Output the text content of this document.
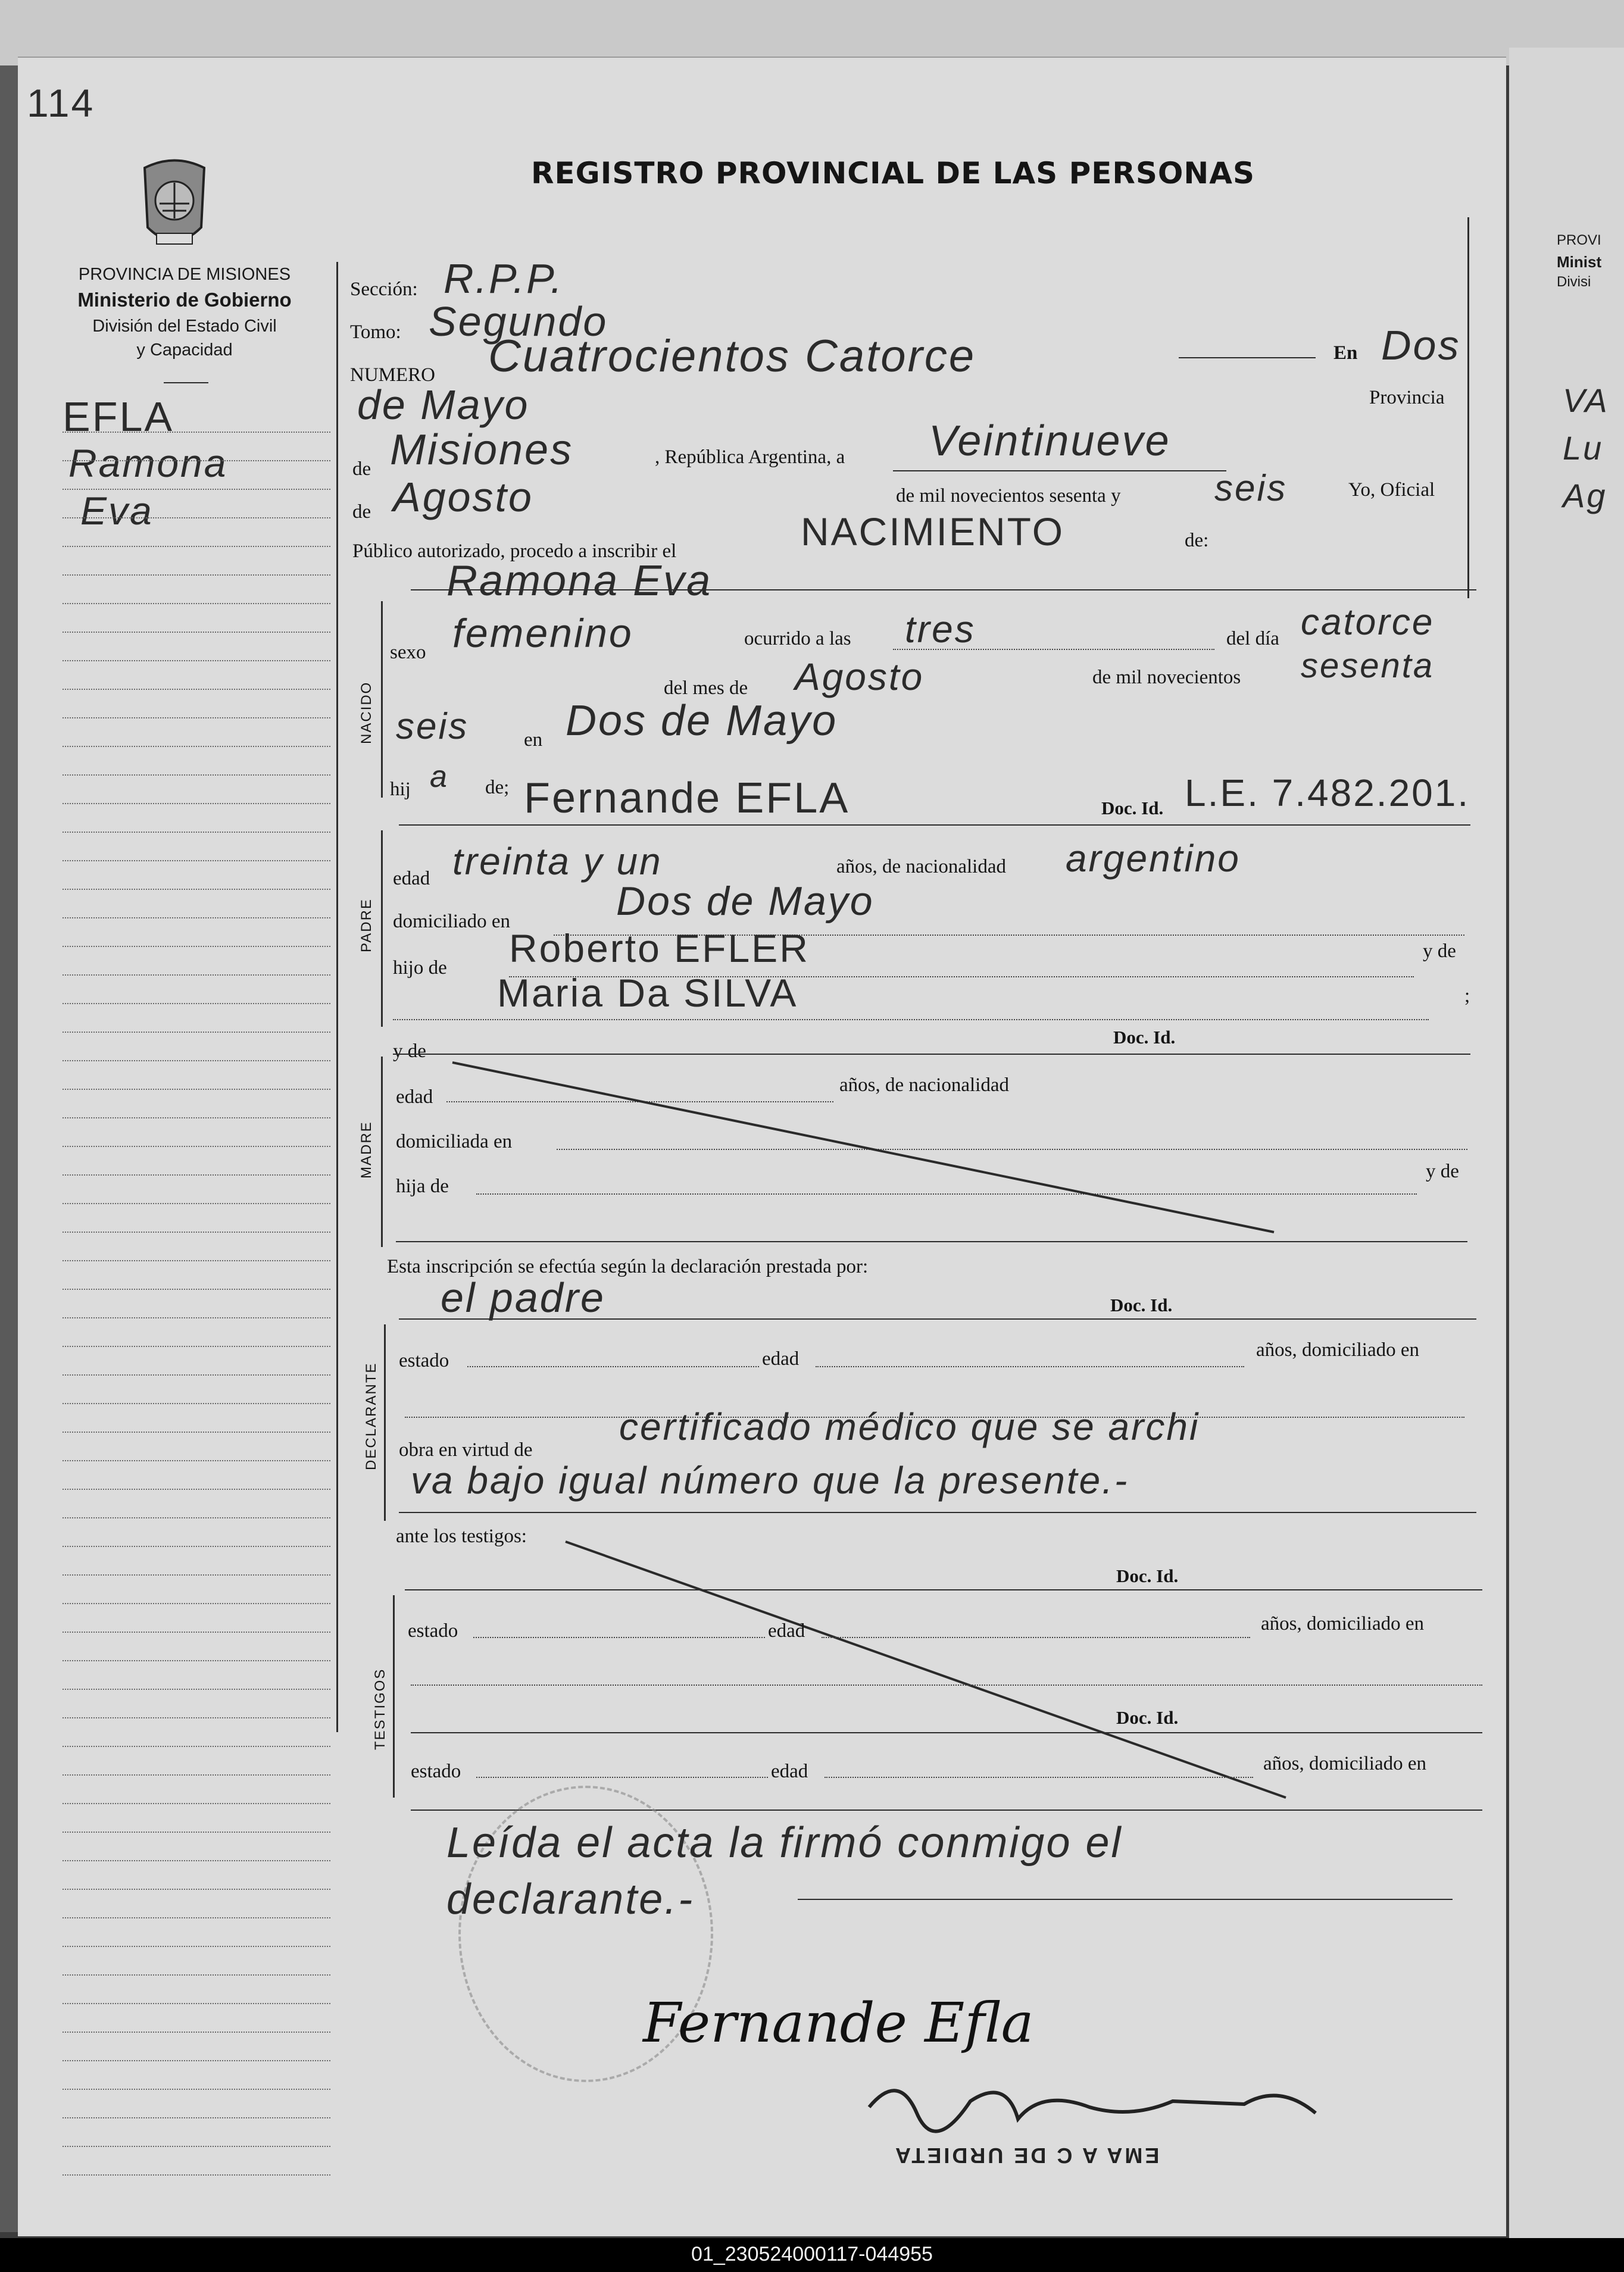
PROVI
Minist
Divisi
VA
Lu
Ag
114
REGISTRO PROVINCIAL DE LAS PERSONAS
PROVINCIA DE MISIONES
Ministerio de Gobierno
División del Estado Civil
y Capacidad
EFLA
Ramona
Eva
Sección: R.P.P.
Tomo: Segundo
NUMERO Cuatrocientos Catorce	En Dos
de Mayo	Provincia
de Misiones	, República Argentina, a Veintinueve
de Agosto	de mil novecientos sesenta y	seis	Yo, Oficial
Público autorizado, procedo a inscribir el	NACIMIENTO	de:
Ramona Eva
NACIDO
sexo femenino	ocurrido a las tres	del día catorce
del mes de Agosto	de mil novecientos sesenta
seis	en Dos de Mayo
hij a de; Fernande EFLA	Doc. Id. L.E. 7.482.201.
PADRE
edad treinta y un	años, de nacionalidad argentino
domiciliado en	Dos de Mayo
hijo de Roberto EFLER	y de
Maria Da SILVA	;
y de
Doc. Id.
MADRE
edad
años, de nacionalidad
domiciliada en
hija de
y de
Esta inscripción se efectúa según la declaración prestada por:
el padre	Doc. Id.
DECLARANTE
estado	edad	años, domiciliado en
obra en virtud de
certificado médico que se archi
va bajo igual número que la presente.-
ante los testigos:
Doc. Id.
TESTIGOS
estado	edad	años, domiciliado en
Doc. Id.
estado	edad	años, domiciliado en
Leída el acta la firmó conmigo el
declarante.-
Fernande Efla
EMA A C DE URDIETA
01_230524000117-044955
